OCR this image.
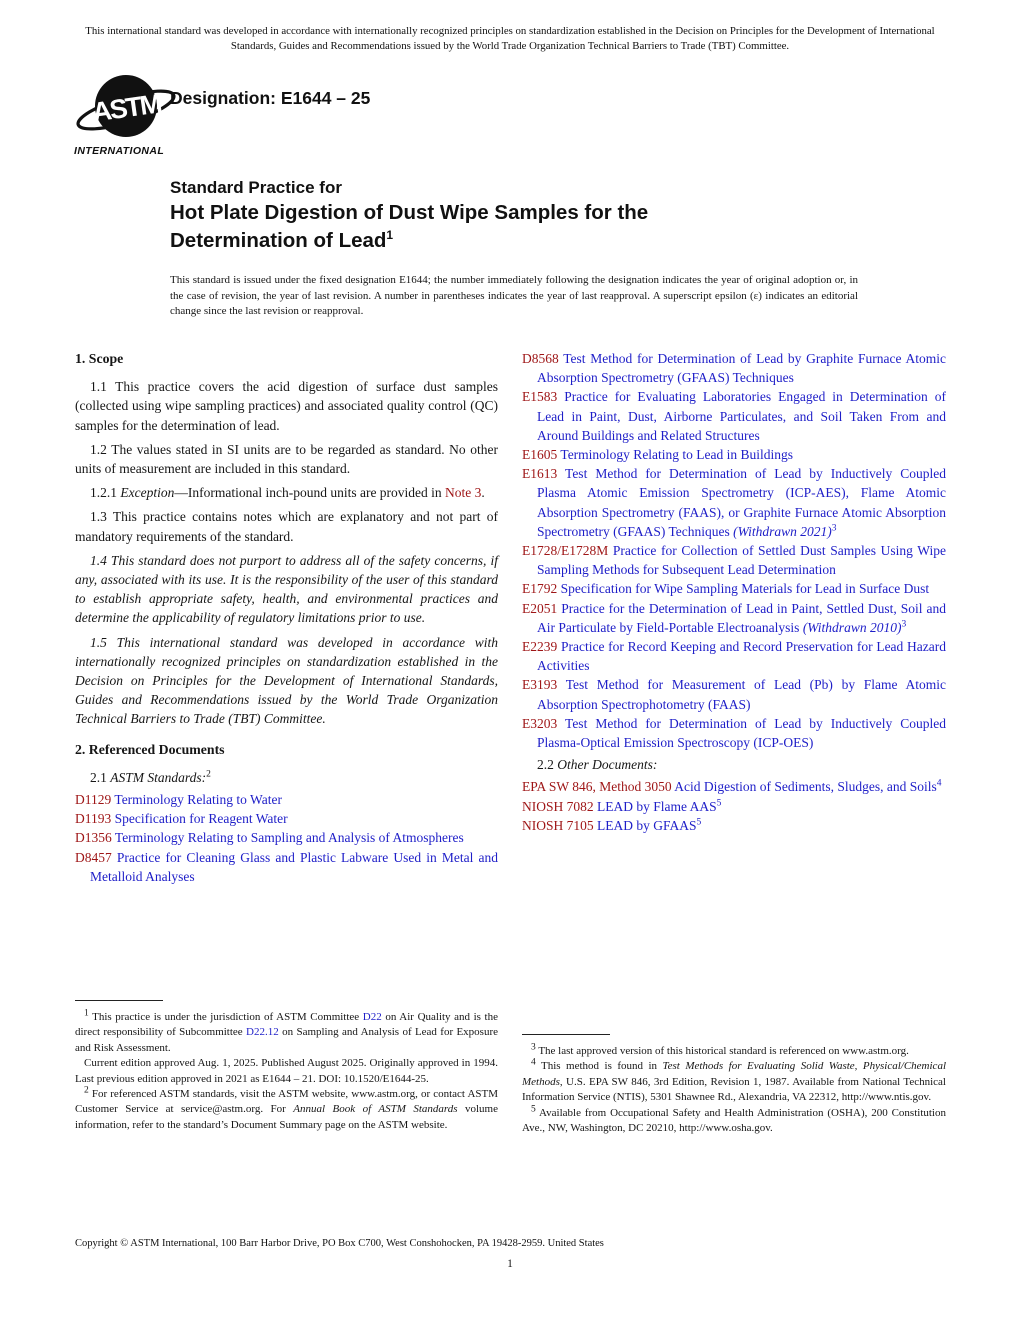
This international standard was developed in accordance with internationally recognized principles on standardization established in the Decision on Principles for the Development of International Standards, Guides and Recommendations issued by the World Trade Organization Technical Barriers to Trade (TBT) Committee.
ASTM
INTERNATIONAL
Designation: E1644 – 25
Standard Practice for
Hot Plate Digestion of Dust Wipe Samples for the
Determination of Lead$^1$
This standard is issued under the fixed designation E1644; the number immediately following the designation indicates the year of original adoption or, in the case of revision, the year of last revision. A number in parentheses indicates the year of last reapproval. A superscript epsilon (ε) indicates an editorial change since the last revision or reapproval.
1. Scope

1.1 This practice covers the acid digestion of surface dust samples (collected using wipe sampling practices) and associated quality control (QC) samples for the determination of lead.

1.2 The values stated in SI units are to be regarded as standard. No other units of measurement are included in this standard.

1.2.1 Exception—Informational inch-pound units are provided in Note 3.

1.3 This practice contains notes which are explanatory and not part of mandatory requirements of the standard.

1.4 This standard does not purport to address all of the safety concerns, if any, associated with its use. It is the responsibility of the user of this standard to establish appropriate safety, health, and environmental practices and determine the applicability of regulatory limitations prior to use.

1.5 This international standard was developed in accordance with internationally recognized principles on standardization established in the Decision on Principles for the Development of International Standards, Guides and Recommendations issued by the World Trade Organization Technical Barriers to Trade (TBT) Committee.

2. Referenced Documents

2.1 ASTM Standards:$^2$

D1129 Terminology Relating to Water

D1193 Specification for Reagent Water

D1356 Terminology Relating to Sampling and Analysis of Atmospheres

D8457 Practice for Cleaning Glass and Plastic Labware Used in Metal and Metalloid Analyses

D8568 Test Method for Determination of Lead by Graphite Furnace Atomic Absorption Spectrometry (GFAAS) Techniques

E1583 Practice for Evaluating Laboratories Engaged in Determination of Lead in Paint, Dust, Airborne Particulates, and Soil Taken From and Around Buildings and Related Structures

E1605 Terminology Relating to Lead in Buildings

E1613 Test Method for Determination of Lead by Inductively Coupled Plasma Atomic Emission Spectrometry (ICP-AES), Flame Atomic Absorption Spectrometry (FAAS), or Graphite Furnace Atomic Absorption Spectrometry (GFAAS) Techniques (Withdrawn 2021)$^3$

E1728/E1728M Practice for Collection of Settled Dust Samples Using Wipe Sampling Methods for Subsequent Lead Determination

E1792 Specification for Wipe Sampling Materials for Lead in Surface Dust

E2051 Practice for the Determination of Lead in Paint, Settled Dust, Soil and Air Particulate by Field-Portable Electroanalysis (Withdrawn 2010)$^3$

E2239 Practice for Record Keeping and Record Preservation for Lead Hazard Activities

E3193 Test Method for Measurement of Lead (Pb) by Flame Atomic Absorption Spectrophotometry (FAAS)

E3203 Test Method for Determination of Lead by Inductively Coupled Plasma-Optical Emission Spectroscopy (ICP-OES)

2.2 Other Documents:

EPA SW 846, Method 3050 Acid Digestion of Sediments, Sludges, and Soils$^4$

NIOSH 7082 LEAD by Flame AAS$^5$

NIOSH 7105 LEAD by GFAAS$^5$

$^1$ This practice is under the jurisdiction of ASTM Committee D22 on Air Quality and is the direct responsibility of Subcommittee D22.12 on Sampling and Analysis of Lead for Exposure and Risk Assessment.

Current edition approved Aug. 1, 2025. Published August 2025. Originally approved in 1994. Last previous edition approved in 2021 as E1644 – 21. DOI: 10.1520/E1644-25.

$^2$ For referenced ASTM standards, visit the ASTM website, www.astm.org, or contact ASTM Customer Service at service@astm.org. For Annual Book of ASTM Standards volume information, refer to the standard’s Document Summary page on the ASTM website.

$^3$ The last approved version of this historical standard is referenced on www.astm.org.

$^4$ This method is found in Test Methods for Evaluating Solid Waste, Physical/Chemical Methods, U.S. EPA SW 846, 3rd Edition, Revision 1, 1987. Available from National Technical Information Service (NTIS), 5301 Shawnee Rd., Alexandria, VA 22312, http://www.ntis.gov.

$^5$ Available from Occupational Safety and Health Administration (OSHA), 200 Constitution Ave., NW, Washington, DC 20210, http://www.osha.gov.

Copyright © ASTM International, 100 Barr Harbor Drive, PO Box C700, West Conshohocken, PA 19428-2959. United States
1
